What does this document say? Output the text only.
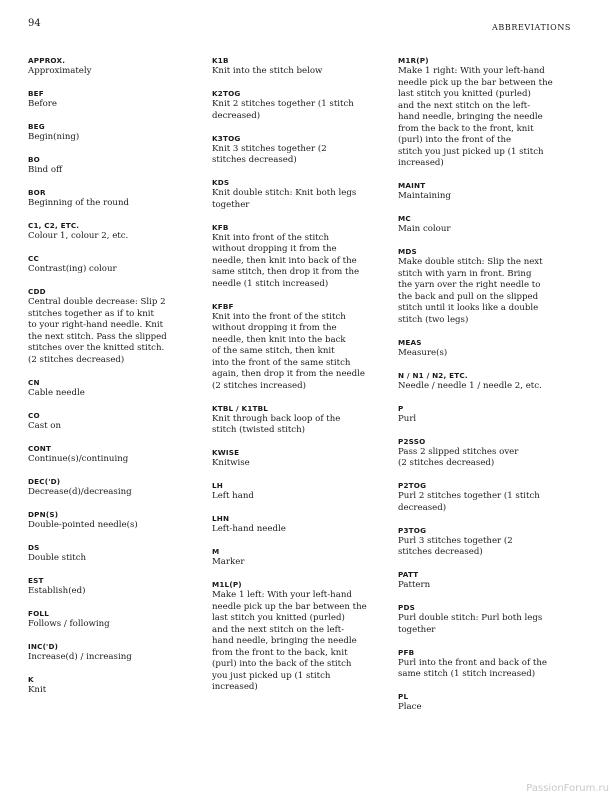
94	ABBREVIATIONS
APPROX.
Approximately
BEF
Before
BEG
Begin(ning)
BO
Bind off
BOR
Beginning of the round
C1, C2, ETC.
Colour 1, colour 2, etc.
CC
Contrast(ing) colour
CDD
Central double decrease: Slip 2
stitches together as if to knit
to your right-hand needle. Knit
the next stitch. Pass the slipped
stitches over the knitted stitch.
(2 stitches decreased)
CN
Cable needle
CO
Cast on
CONT
Continue(s)/continuing
DEC('D)
Decrease(d)/decreasing
DPN(S)
Double-pointed needle(s)
DS
Double stitch
EST
Establish(ed)
FOLL
Follows / following
INC('D)
Increase(d) / increasing
K
Knit
K1B
Knit into the stitch below
K2TOG
Knit 2 stitches together (1 stitch
decreased)
K3TOG
Knit 3 stitches together (2
stitches decreased)
KDS
Knit double stitch: Knit both legs
together
KFB
Knit into front of the stitch
without dropping it from the
needle, then knit into back of the
same stitch, then drop it from the
needle (1 stitch increased)
KFBF
Knit into the front of the stitch
without dropping it from the
needle, then knit into the back
of the same stitch, then knit
into the front of the same stitch
again, then drop it from the needle
(2 stitches increased)
KTBL / K1TBL
Knit through back loop of the
stitch (twisted stitch)
KWISE
Knitwise
LH
Left hand
LHN
Left-hand needle
M
Marker
M1L(P)
Make 1 left: With your left-hand
needle pick up the bar between the
last stitch you knitted (purled)
and the next stitch on the left-
hand needle, bringing the needle
from the front to the back, knit
(purl) into the back of the stitch
you just picked up (1 stitch
increased)
M1R(P)
Make 1 right: With your left-hand
needle pick up the bar between the
last stitch you knitted (purled)
and the next stitch on the left-
hand needle, bringing the needle
from the back to the front, knit
(purl) into the front of the
stitch you just picked up (1 stitch
increased)
MAINT
Maintaining
MC
Main colour
MDS
Make double stitch: Slip the next
stitch with yarn in front. Bring
the yarn over the right needle to
the back and pull on the slipped
stitch until it looks like a double
stitch (two legs)
MEAS
Measure(s)
N / N1 / N2, ETC.
Needle / needle 1 / needle 2, etc.
P
Purl
P2SSO
Pass 2 slipped stitches over
(2 stitches decreased)
P2TOG
Purl 2 stitches together (1 stitch
decreased)
P3TOG
Purl 3 stitches together (2
stitches decreased)
PATT
Pattern
PDS
Purl double stitch: Purl both legs
together
PFB
Purl into the front and back of the
same stitch (1 stitch increased)
PL
Place
PassionForum.ru
